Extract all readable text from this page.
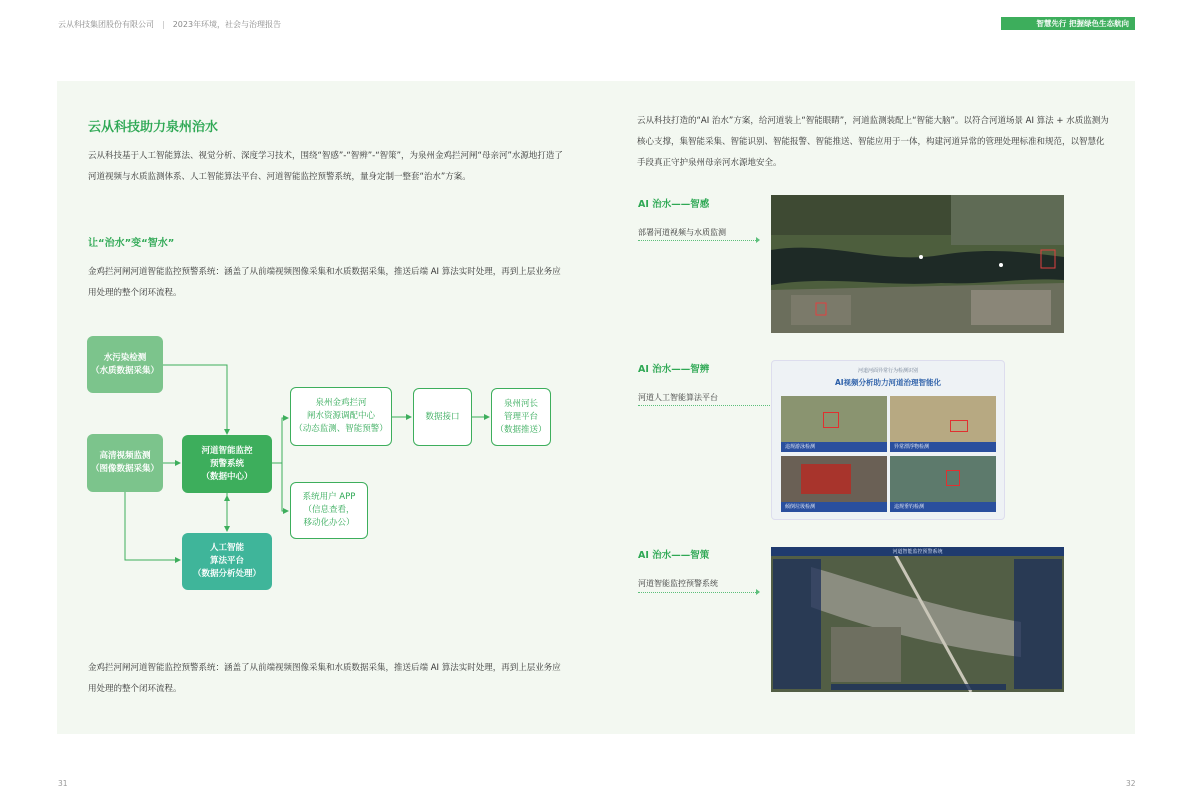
云从科技集团股份有限公司 | 2023年环境，社会与治理报告	智慧先行 把握绿色生态航向
云从科技助力泉州治水
云从科技基于人工智能算法、视觉分析、深度学习技术，围绕“智感”-“智辨”-“智策”，为泉州金鸡拦河闸“母亲河”水源地打造了河道视频与水质监测体系、人工智能算法平台、河道智能监控预警系统，量身定制一整套“治水”方案。
让“治水”变“智水”
金鸡拦河闸河道智能监控预警系统：涵盖了从前端视频图像采集和水质数据采集，推送后端 AI 算法实时处理，再到上层业务应用处理的整个闭环流程。
水污染检测
（水质数据采集）
高清视频监测
（图像数据采集）
河道智能监控
预警系统
（数据中心）
人工智能
算法平台
（数据分析处理）
泉州金鸡拦河
闸水资源调配中心
（动态监测、智能预警）
数据接口
泉州河长
管理平台
（数据推送）
系统用户 APP
（信息查看，
移动化办公）
金鸡拦河闸河道智能监控预警系统：涵盖了从前端视频图像采集和水质数据采集，推送后端 AI 算法实时处理，再到上层业务应用处理的整个闭环流程。
云从科技打造的“AI 治水”方案，给河道装上“智能眼睛”，河道监测装配上“智能大脑”。以符合河道场景 AI 算法 + 水质监测为核心支撑，集智能采集、智能识别、智能报警、智能推送、智能应用于一体，构建河道异常的管理处理标准和规范，以智慧化手段真正守护泉州母亲河水源地安全。
AI 治水——智感
部署河道视频与水质监测
AI 治水——智辨
河道人工智能算法平台
河道河面异常行为检测识别
AI视频分析助力河道治理智能化
违规游泳检测	异常漂浮物检测
倾倒垃圾检测	违规垂钓检测
AI 治水——智策
河道智能监控预警系统
河道智能监控预警系统
31	32
